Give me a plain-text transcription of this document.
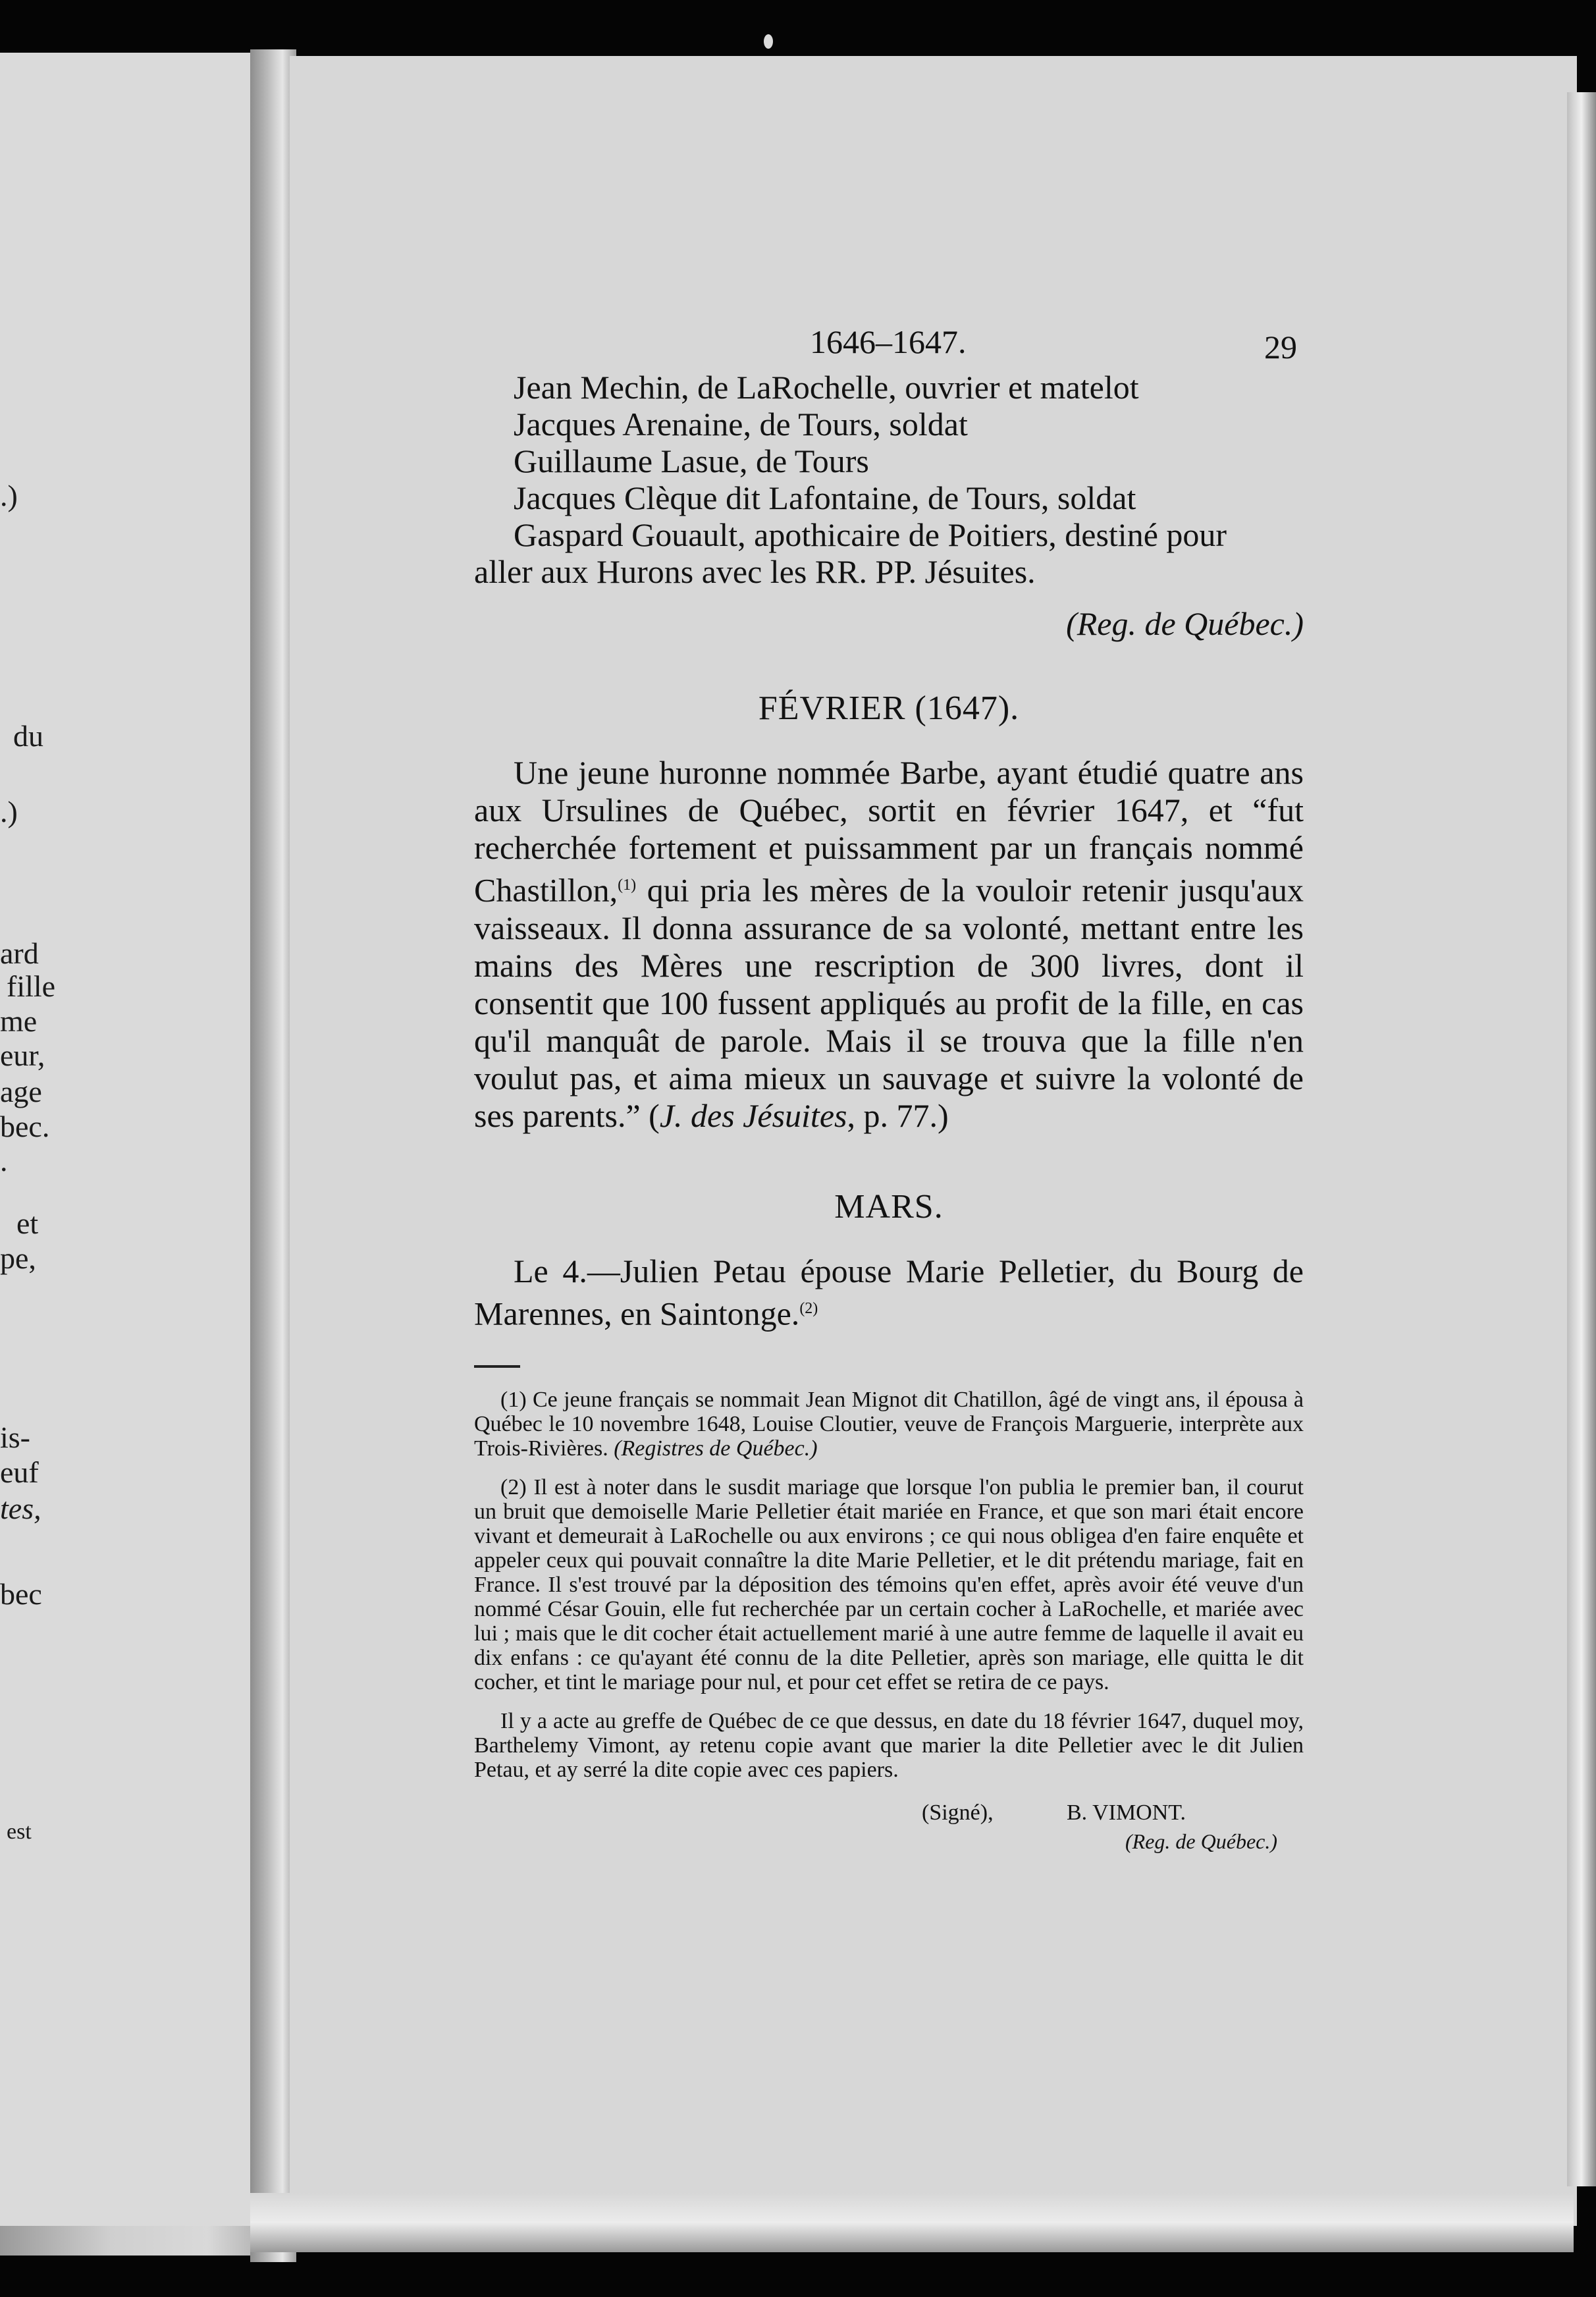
.)
du
.)
ard
fille
me
eur,
age
bec.
.
et
pe,
is-
euf
tes,
bec
est
1646–1647.	29
Jean Mechin, de LaRochelle, ouvrier et matelot
Jacques Arenaine, de Tours, soldat
Guillaume Lasue, de Tours
Jacques Clèque dit Lafontaine, de Tours, soldat
Gaspard Gouault, apothicaire de Poitiers, destiné pour
aller aux Hurons avec les RR. PP. Jésuites.
(Reg. de Québec.)
FÉVRIER (1647).

Une jeune huronne nommée Barbe, ayant étudié quatre ans aux Ursulines de Québec, sortit en février 1647, et “fut recherchée fortement et puissamment par un français nommé Chastillon,$^{(1)}$ qui pria les mères de la vouloir retenir jusqu'aux vaisseaux. Il donna assurance de sa volonté, mettant entre les mains des Mères une rescription de 300 livres, dont il consentit que 100 fussent appliqués au profit de la fille, en cas qu'il manquât de parole. Mais il se trouva que la fille n'en voulut pas, et aima mieux un sauvage et suivre la volonté de ses parents.” (J. des Jésuites, p. 77.)

MARS.

Le 4.—Julien Petau épouse Marie Pelletier, du Bourg de Marennes, en Saintonge.$^{(2)}$

(1) Ce jeune français se nommait Jean Mignot dit Chatillon, âgé de vingt ans, il épousa à Québec le 10 novembre 1648, Louise Cloutier, veuve de François Marguerie, interprète aux Trois-Rivières. (Registres de Québec.)

(2) Il est à noter dans le susdit mariage que lorsque l'on publia le premier ban, il courut un bruit que demoiselle Marie Pelletier était mariée en France, et que son mari était encore vivant et demeurait à LaRochelle ou aux environs ; ce qui nous obligea d'en faire enquête et appeler ceux qui pouvait connaître la dite Marie Pelletier, et le dit prétendu mariage, fait en France. Il s'est trouvé par la déposition des témoins qu'en effet, après avoir été veuve d'un nommé César Gouin, elle fut recherchée par un certain cocher à LaRochelle, et mariée avec lui ; mais que le dit cocher était actuellement marié à une autre femme de laquelle il avait eu dix enfans : ce qu'ayant été connu de la dite Pelletier, après son mariage, elle quitta le dit cocher, et tint le mariage pour nul, et pour cet effet se retira de ce pays.

Il y a acte au greffe de Québec de ce que dessus, en date du 18 février 1647, duquel moy, Barthelemy Vimont, ay retenu copie avant que marier la dite Pelletier avec le dit Julien Petau, et ay serré la dite copie avec ces papiers.

(Signé),	B. VIMONT.
(Reg. de Québec.)
